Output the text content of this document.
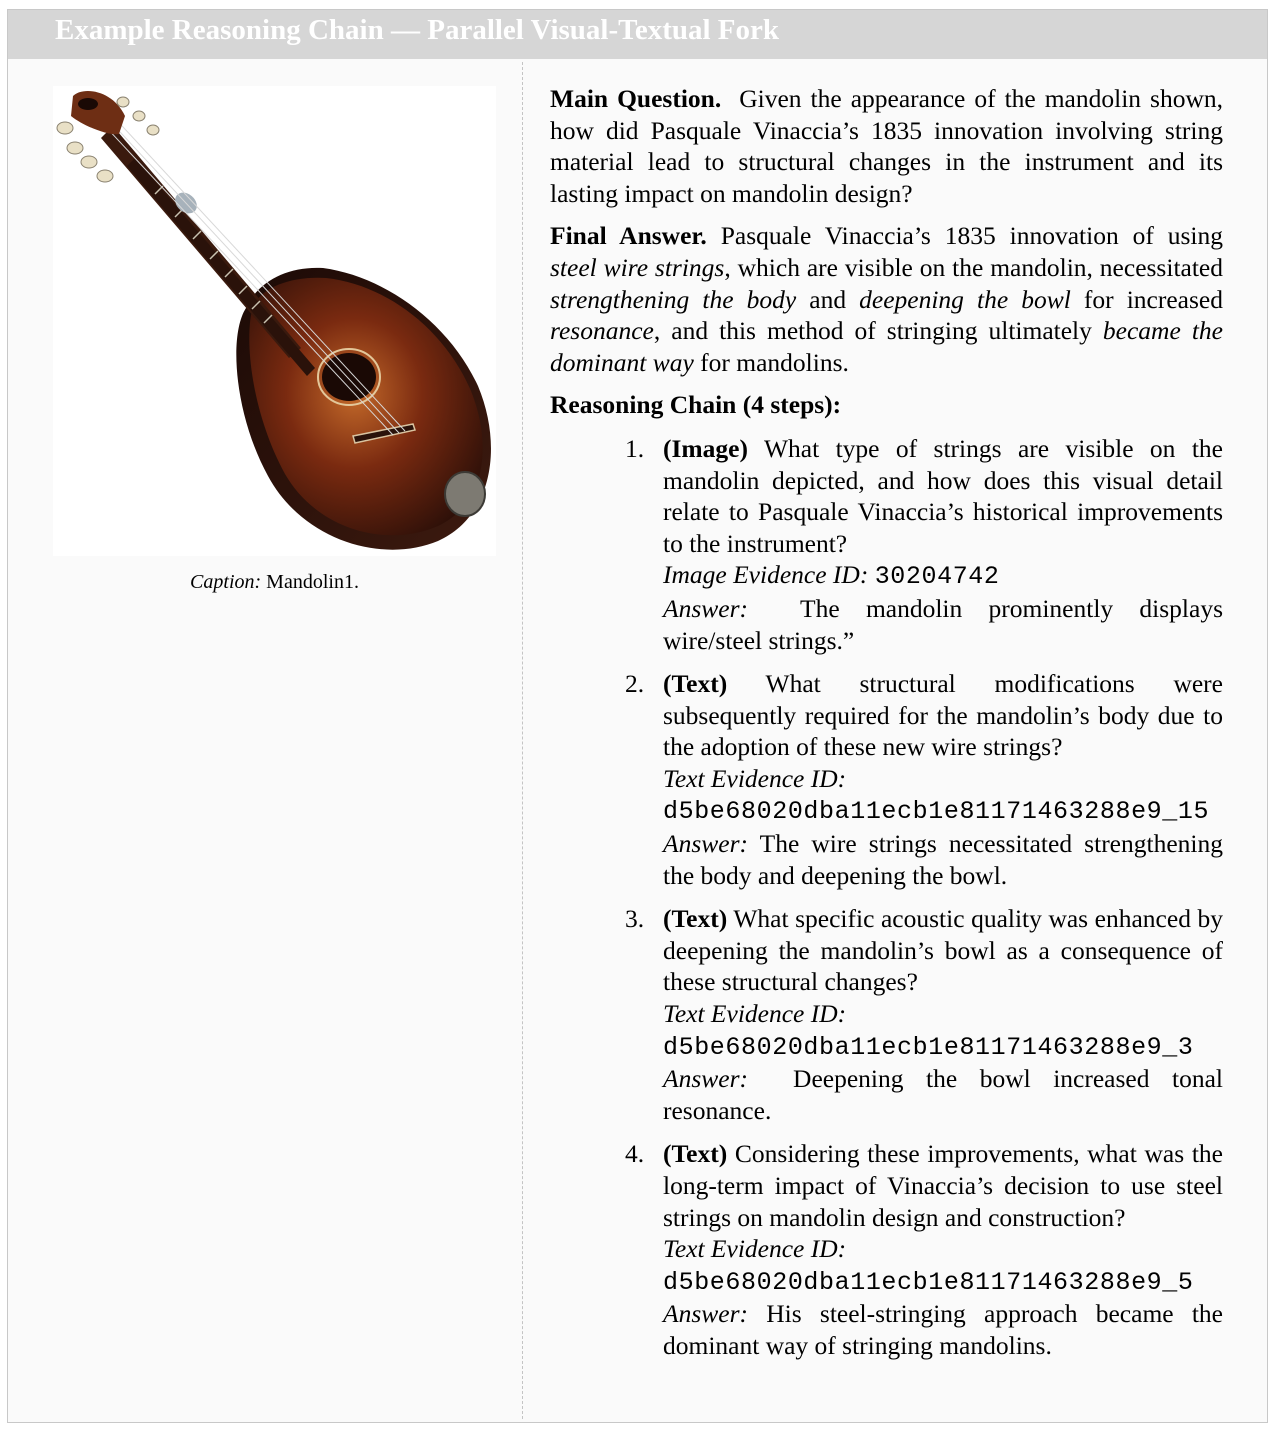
Example Reasoning Chain — Parallel Visual-Textual Fork
Caption: Mandolin1.

Main Question. Given the appearance of the mandolin shown, how did Pasquale Vinaccia’s 1835 innovation involving string material lead to structural changes in the instrument and its lasting impact on mandolin design?

Final Answer. Pasquale Vinaccia’s 1835 innovation of using steel wire strings, which are visible on the mandolin, necessitated strengthening the body and deepening the bowl for increased resonance, and this method of stringing ultimately became the dominant way for mandolins.

Reasoning Chain (4 steps):
1. (Image) What type of strings are visible on the mandolin depicted, and how does this visual detail relate to Pasquale Vinaccia’s historical improvements to the instrument?
Image Evidence ID: 30204742
Answer: The mandolin prominently displays wire/steel strings.”
2. (Text) What structural modifications were subsequently required for the mandolin’s body due to the adoption of these new wire strings?
Text Evidence ID:
d5be68020dba11ecb1e81171463288e9_15
Answer: The wire strings necessitated strengthening the body and deepening the bowl.
3. (Text) What specific acoustic quality was enhanced by deepening the mandolin’s bowl as a consequence of these structural changes?
Text Evidence ID:
d5be68020dba11ecb1e81171463288e9_3
Answer: Deepening the bowl increased tonal resonance.
4. (Text) Considering these improvements, what was the long-term impact of Vinaccia’s decision to use steel strings on mandolin design and construction?
Text Evidence ID:
d5be68020dba11ecb1e81171463288e9_5
Answer: His steel-stringing approach became the dominant way of stringing mandolins.
